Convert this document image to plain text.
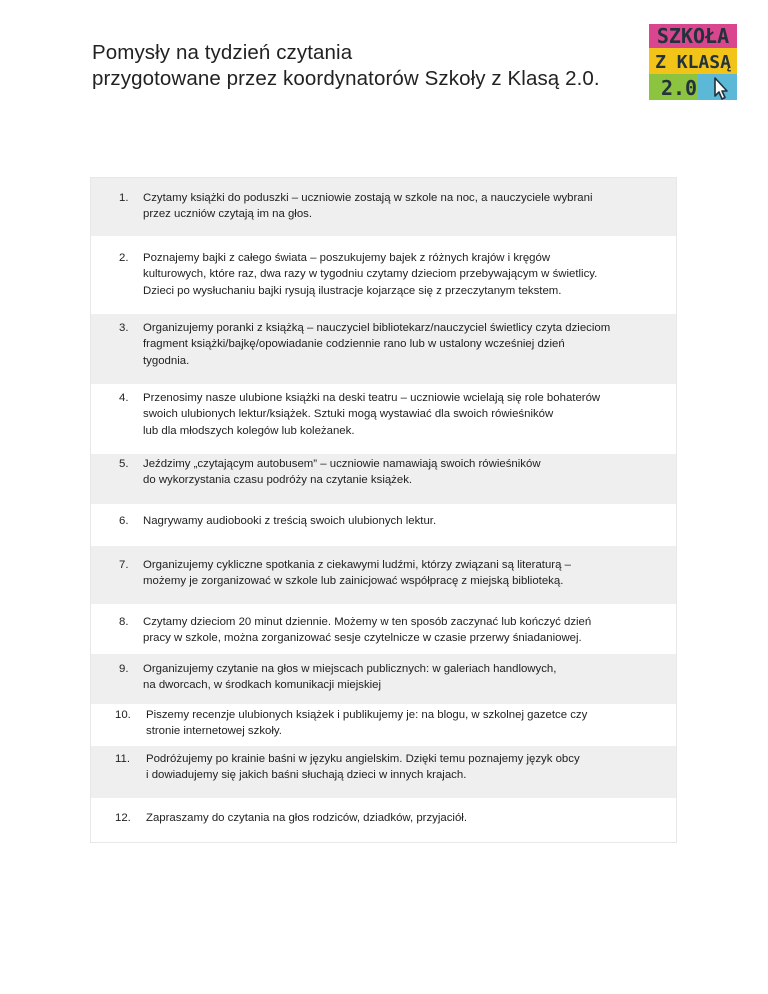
Pomysły na tydzień czytania
przygotowane przez koordynatorów Szkoły z Klasą 2.0.
SZKOŁA
Z KLASĄ
2.0
1. Czytamy książki do poduszki – uczniowie zostają w szkole na noc, a nauczyciele wybrani
przez uczniów czytają im na głos.
2. Poznajemy bajki z całego świata – poszukujemy bajek z różnych krajów i kręgów
kulturowych, które raz, dwa razy w tygodniu czytamy dzieciom przebywającym w świetlicy.
Dzieci po wysłuchaniu bajki rysują ilustracje kojarzące się z przeczytanym tekstem.
3. Organizujemy poranki z książką – nauczyciel bibliotekarz/nauczyciel świetlicy czyta dzieciom
fragment książki/bajkę/opowiadanie codziennie rano lub w ustalony wcześniej dzień
tygodnia.
4. Przenosimy nasze ulubione książki na deski teatru – uczniowie wcielają się role bohaterów
swoich ulubionych lektur/książek. Sztuki mogą wystawiać dla swoich rówieśników
lub dla młodszych kolegów lub koleżanek.
5. Jeździmy „czytającym autobusem” – uczniowie namawiają swoich rówieśników
do wykorzystania czasu podróży na czytanie książek.
6. Nagrywamy audiobooki z treścią swoich ulubionych lektur.
7. Organizujemy cykliczne spotkania z ciekawymi ludźmi, którzy związani są literaturą –
możemy je zorganizować w szkole lub zainicjować współpracę z miejską biblioteką.
8. Czytamy dzieciom 20 minut dziennie. Możemy w ten sposób zaczynać lub kończyć dzień
pracy w szkole, można zorganizować sesje czytelnicze w czasie przerwy śniadaniowej.
9. Organizujemy czytanie na głos w miejscach publicznych: w galeriach handlowych,
na dworcach, w środkach komunikacji miejskiej
10. Piszemy recenzje ulubionych książek i publikujemy je: na blogu, w szkolnej gazetce czy
stronie internetowej szkoły.
11. Podróżujemy po krainie baśni w języku angielskim. Dzięki temu poznajemy język obcy
i dowiadujemy się jakich baśni słuchają dzieci w innych krajach.
12. Zapraszamy do czytania na głos rodziców, dziadków, przyjaciół.
